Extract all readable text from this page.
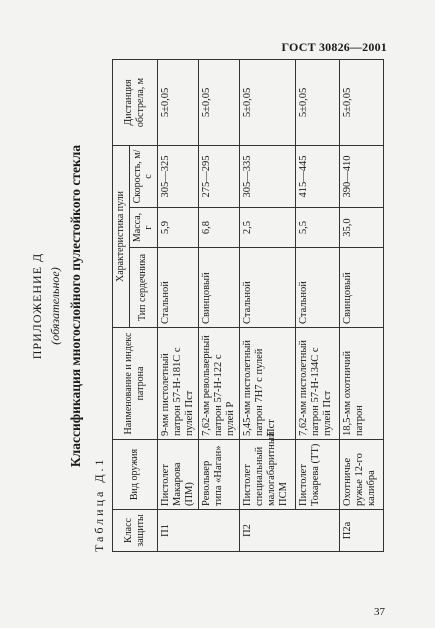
ГОСТ 30826—2001
ПРИЛОЖЕНИЕ Д (обязательное) Классификация многослойного пулестойкого стекла
Таблица Д.1 Класс защиты	Вид оружия	Наименование и индекс патрона	Характеристика пули			Дистанция обстрела, м
			Тип сердечника	Масса, г	Скорость, м/с	
П1	Пистолет Макарова (ПМ)	9-мм пистолетный патрон 57-Н-181С с пулей Пст	Стальной	5,9	305—325	5±0,05
	Револьвер типа «Наган»	7,62-мм револьверный патрон 57-Н-122 с пулей Р	Свинцовый	6,8	275—295	5±0,05
П2	Пистолет специальный малогабаритный ПСМ	5,45-мм пистолетный патрон 7Н7 с пулей Пст	Стальной	2,5	305—335	5±0,05
	Пистолет Токарева (ТТ)	7,62-мм пистолетный патрон 57-Н-134С с пулей Пст	Стальной	5,5	415—445	5±0,05
П2а	Охотничье ружье 12-го калибра	18,5-мм охотничий патрон	Свинцовый	35,0	390—410	5±0,05
37
